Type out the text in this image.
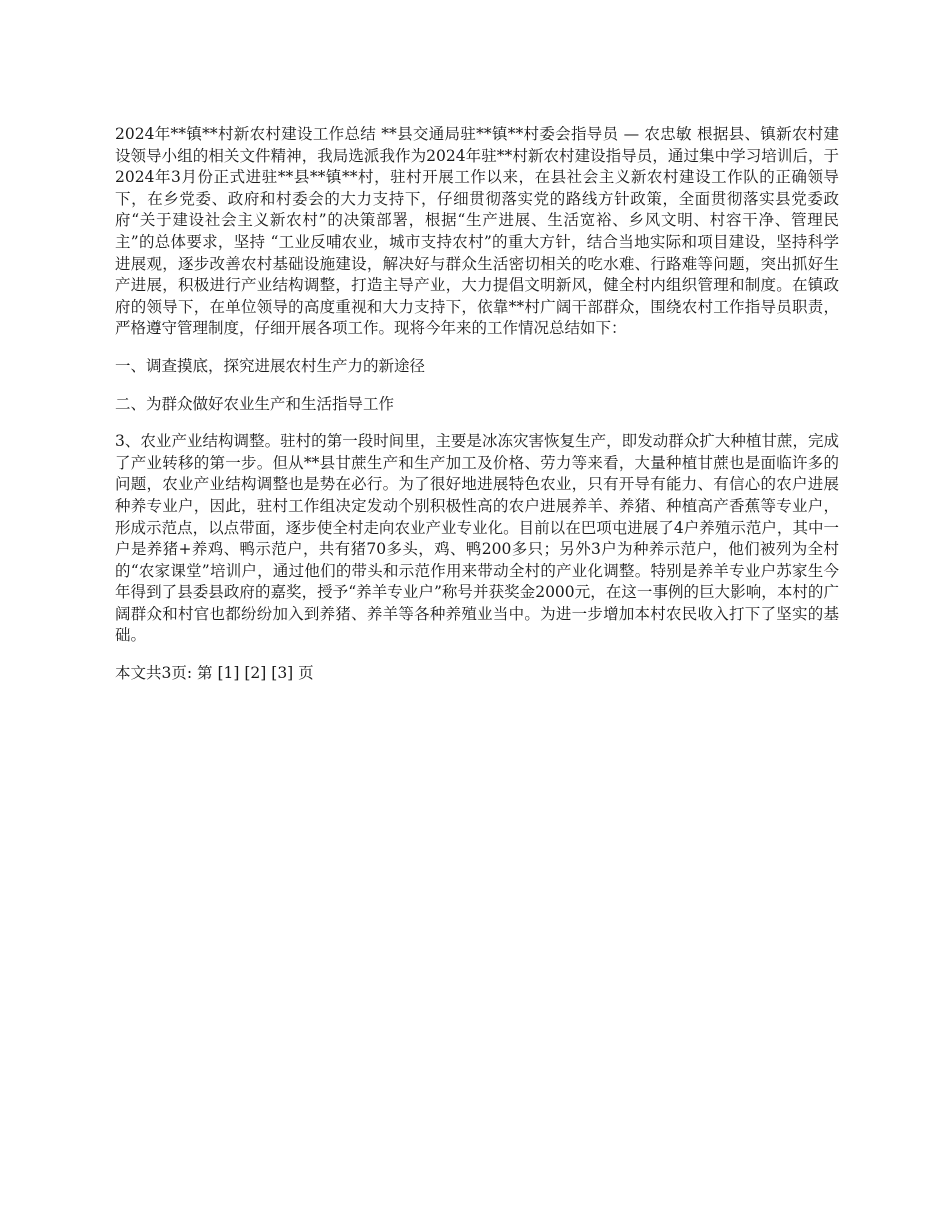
2024年**镇**村新农村建设工作总结 **县交通局驻**镇**村委会指导员 — 农忠敏 根据县、镇新农村建设领导小组的相关文件精神，我局选派我作为2024年驻**村新农村建设指导员，通过集中学习培训后，于2024年3月份正式进驻**县**镇**村，驻村开展工作以来，在县社会主义新农村建设工作队的正确领导下，在乡党委、政府和村委会的大力支持下，仔细贯彻落实党的路线方针政策，全面贯彻落实县党委政府“关于建设社会主义新农村”的决策部署，根据“生产进展、生活宽裕、乡风文明、村容干净、管理民主”的总体要求，坚持 “工业反哺农业，城市支持农村”的重大方针，结合当地实际和项目建设，坚持科学进展观，逐步改善农村基础设施建设，解决好与群众生活密切相关的吃水难、行路难等问题，突出抓好生产进展，积极进行产业结构调整，打造主导产业，大力提倡文明新风，健全村内组织管理和制度。在镇政府的领导下，在单位领导的高度重视和大力支持下，依靠**村广阔干部群众，围绕农村工作指导员职责，严格遵守管理制度，仔细开展各项工作。现将今年来的工作情况总结如下：

一、调查摸底，探究进展农村生产力的新途径

二、为群众做好农业生产和生活指导工作

3、农业产业结构调整。驻村的第一段时间里，主要是冰冻灾害恢复生产，即发动群众扩大种植甘蔗，完成了产业转移的第一步。但从**县甘蔗生产和生产加工及价格、劳力等来看，大量种植甘蔗也是面临许多的问题，农业产业结构调整也是势在必行。为了很好地进展特色农业，只有开导有能力、有信心的农户进展种养专业户，因此，驻村工作组决定发动个别积极性高的农户进展养羊、养猪、种植高产香蕉等专业户，形成示范点，以点带面，逐步使全村走向农业产业专业化。目前以在巴项屯进展了4户养殖示范户，其中一户是养猪+养鸡、鸭示范户，共有猪70多头，鸡、鸭200多只；另外3户为种养示范户，他们被列为全村的“农家课堂”培训户，通过他们的带头和示范作用来带动全村的产业化调整。特别是养羊专业户苏家生今年得到了县委县政府的嘉奖，授予“养羊专业户”称号并获奖金2000元，在这一事例的巨大影响，本村的广阔群众和村官也都纷纷加入到养猪、养羊等各种养殖业当中。为进一步增加本村农民收入打下了坚实的基础。

本文共3页: 第 [1] [2] [3] 页
